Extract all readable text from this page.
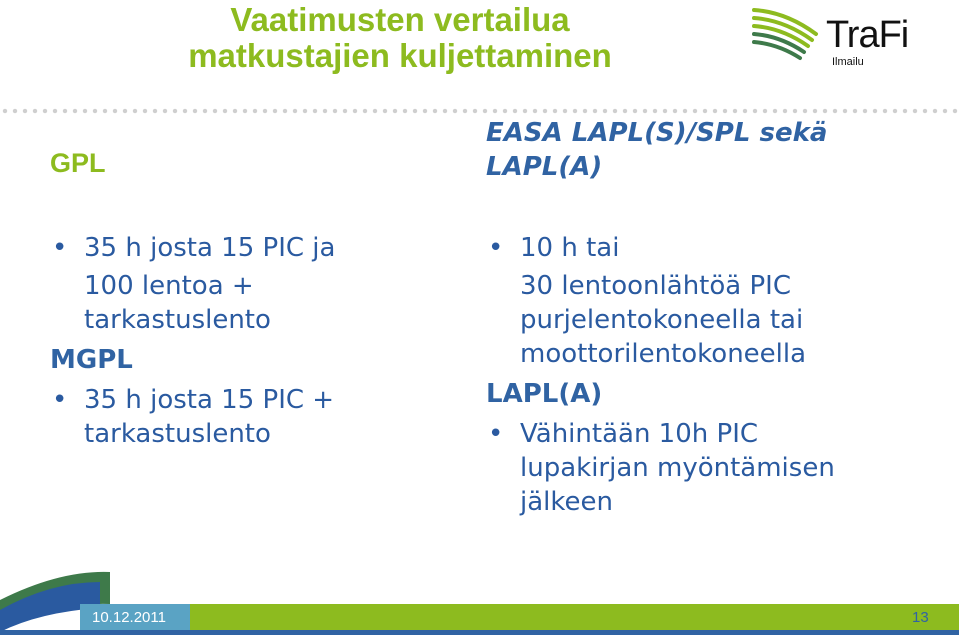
Vaatimusten vertailua
matkustajien kuljettaminen	TraFi
Ilmailu
GPL
• 35 h josta 15 PIC ja
100 lentoa +
tarkastuslento
MGPL
• 35 h josta 15 PIC +
tarkastuslento
EASA LAPL(S)/SPL sekä
LAPL(A)
• 10 h tai
30 lentoonlähtöä PIC
purjelentokoneella tai
moottorilentokoneella
LAPL(A)
• Vähintään 10h PIC
lupakirjan myöntämisen
jälkeen
10.12.2011	13
